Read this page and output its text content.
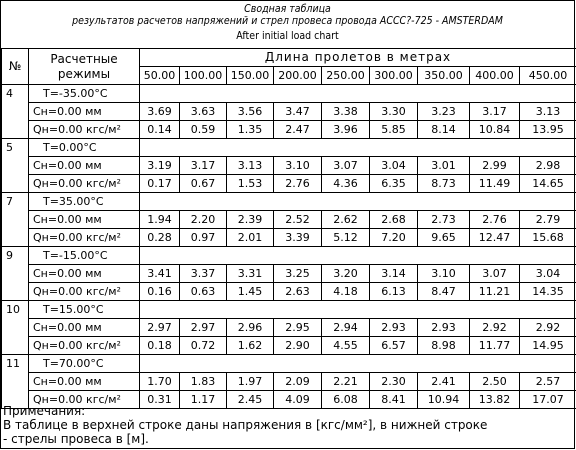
Сводная таблица
результатов расчетов напряжений и стрел провеса провода АССС?-725 - AMSTERDAM
After initial load chart
№	Расчетные
режимы	Длина пролетов в метрах								
		50.00	100.00	150.00	200.00	250.00	300.00	350.00	400.00	450.00
4	T=-35.00°C									
	Сн=0.00 мм	3.69	3.63	3.56	3.47	3.38	3.30	3.23	3.17	3.13
	Qн=0.00 кгс/м²	0.14	0.59	1.35	2.47	3.96	5.85	8.14	10.84	13.95
5	T=0.00°C									
	Сн=0.00 мм	3.19	3.17	3.13	3.10	3.07	3.04	3.01	2.99	2.98
	Qн=0.00 кгс/м²	0.17	0.67	1.53	2.76	4.36	6.35	8.73	11.49	14.65
7	T=35.00°C									
	Сн=0.00 мм	1.94	2.20	2.39	2.52	2.62	2.68	2.73	2.76	2.79
	Qн=0.00 кгс/м²	0.28	0.97	2.01	3.39	5.12	7.20	9.65	12.47	15.68
9	T=-15.00°C									
	Сн=0.00 мм	3.41	3.37	3.31	3.25	3.20	3.14	3.10	3.07	3.04
	Qн=0.00 кгс/м²	0.16	0.63	1.45	2.63	4.18	6.13	8.47	11.21	14.35
10	T=15.00°C									
	Сн=0.00 мм	2.97	2.97	2.96	2.95	2.94	2.93	2.93	2.92	2.92
	Qн=0.00 кгс/м²	0.18	0.72	1.62	2.90	4.55	6.57	8.98	11.77	14.95
11	T=70.00°C									
	Сн=0.00 мм	1.70	1.83	1.97	2.09	2.21	2.30	2.41	2.50	2.57
	Qн=0.00 кгс/м²	0.31	1.17	2.45	4.09	6.08	8.41	10.94	13.82	17.07
Примечания:
В таблице в верхней строке даны напряжения в [кгс/мм²], в нижней строке
- стрелы провеса в [м].
